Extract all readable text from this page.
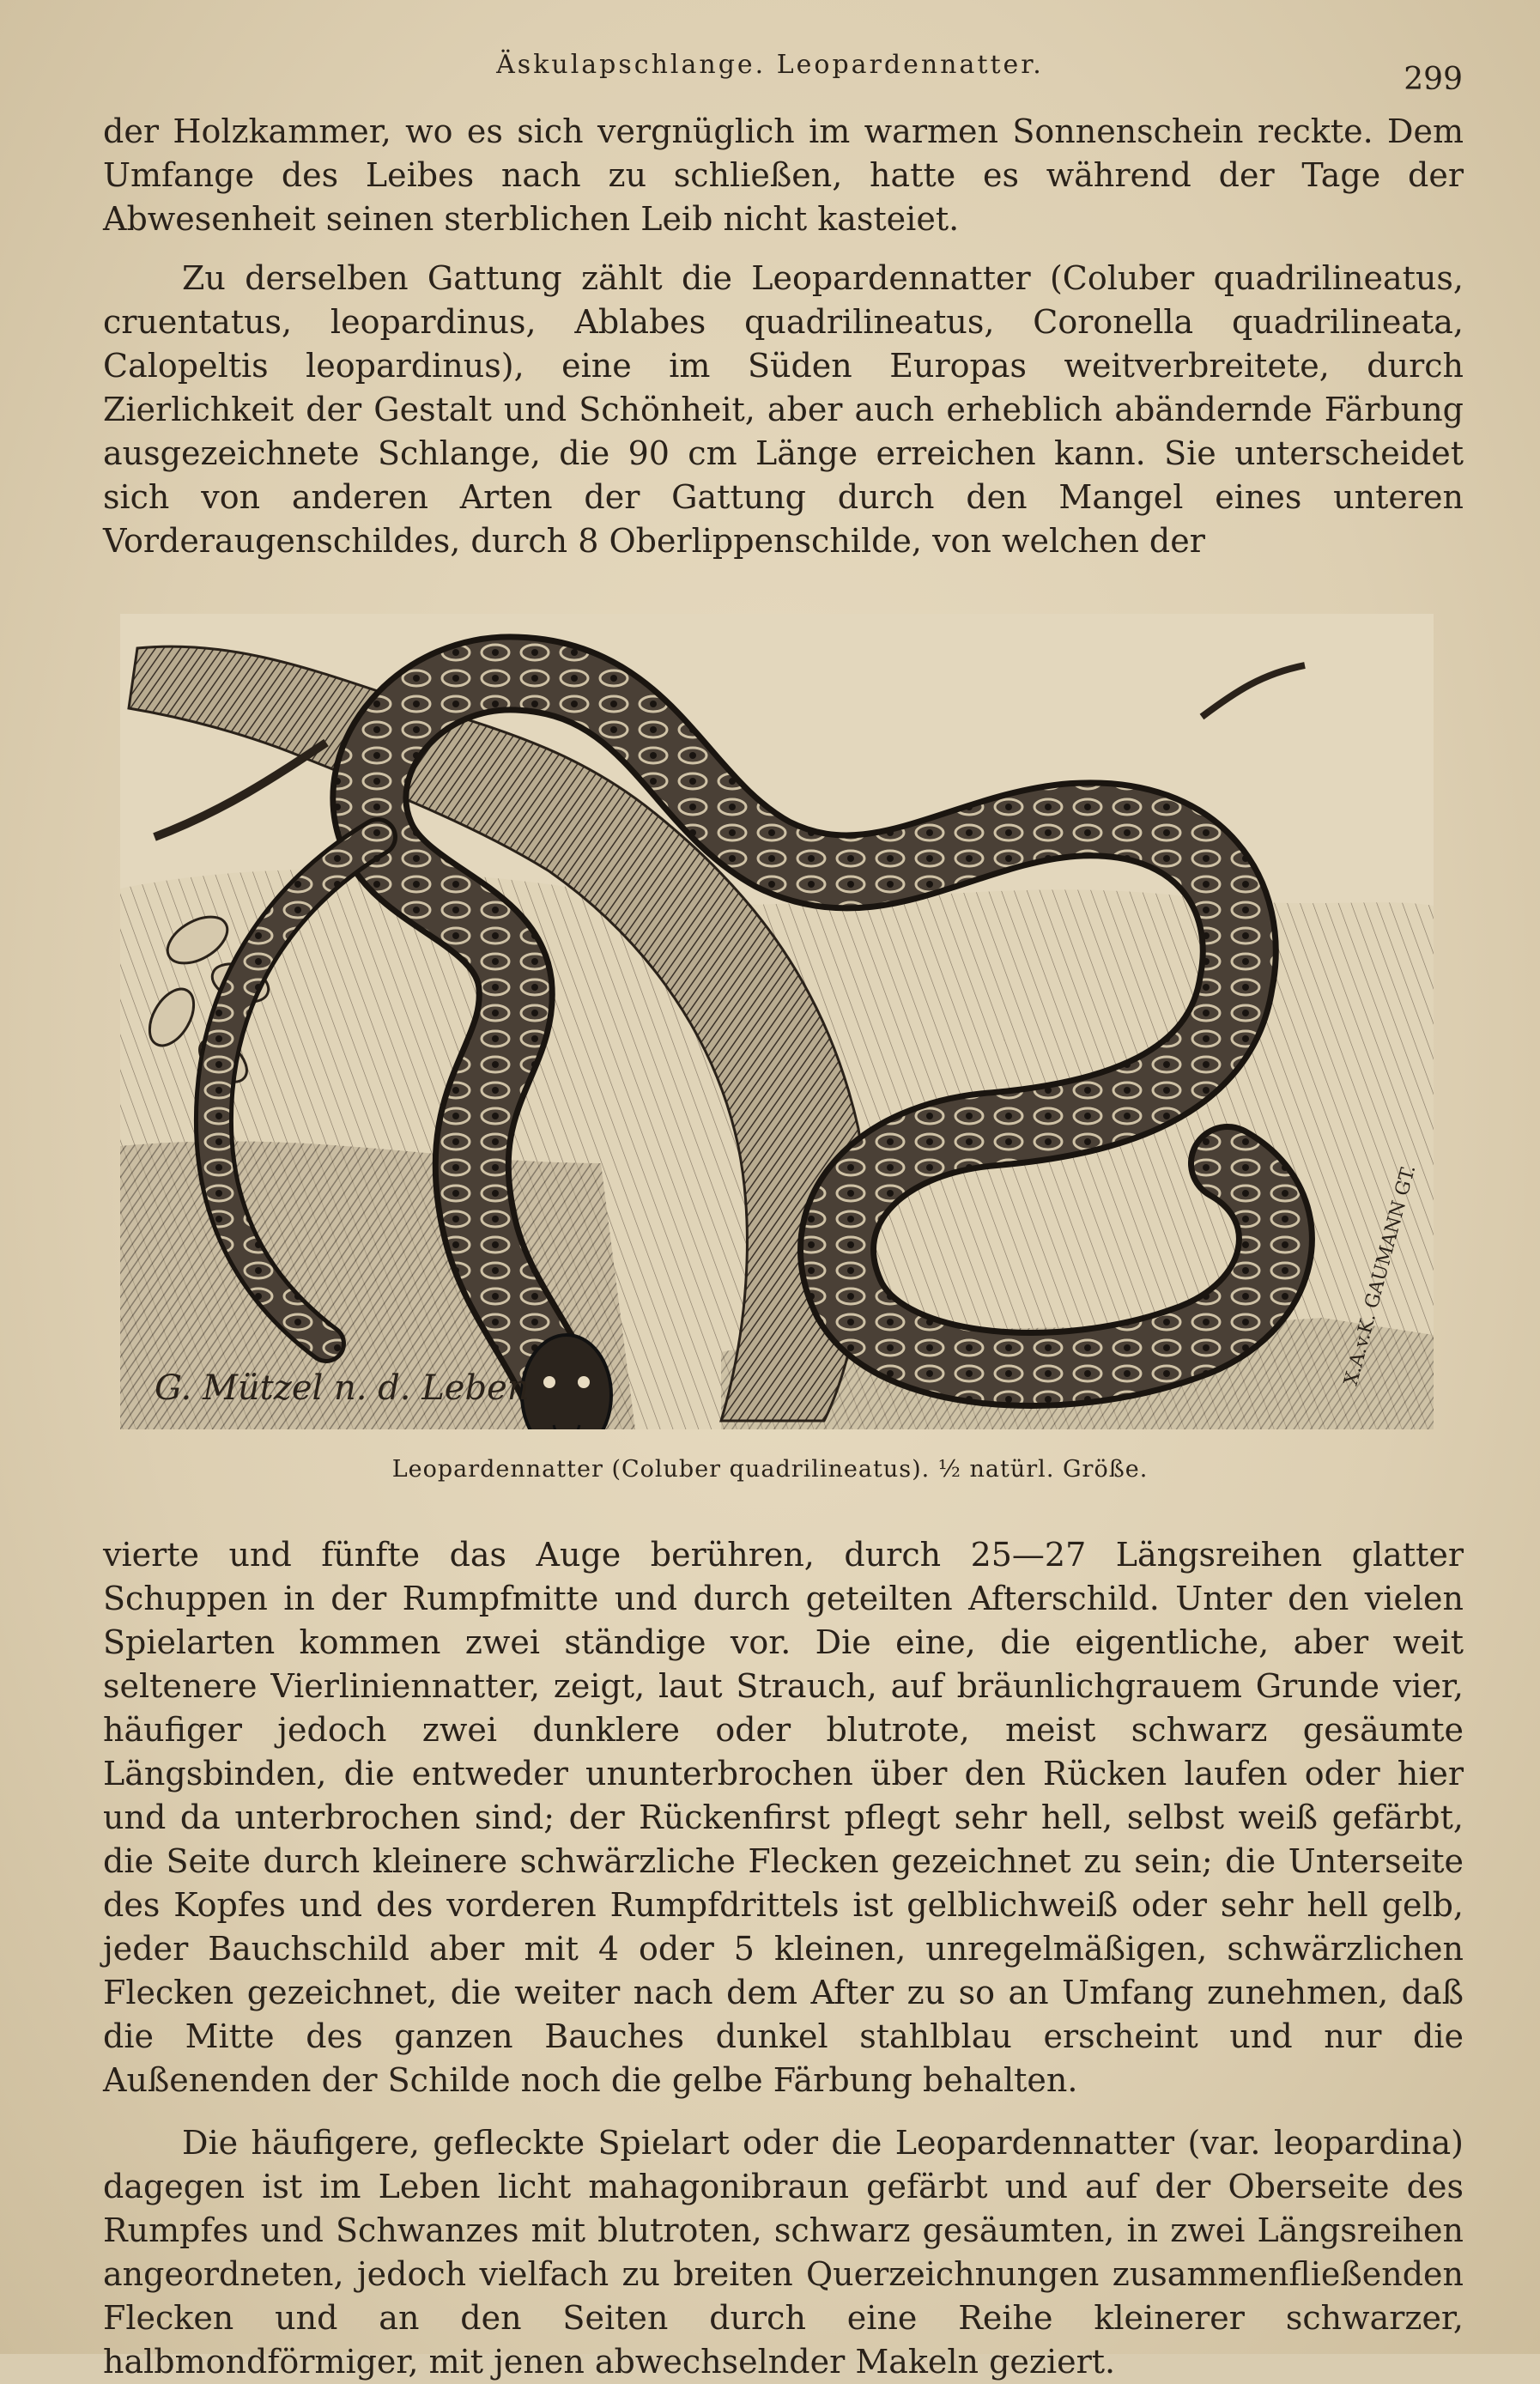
Äskulapschlange. Leopardennatter.	299

der Holzkammer, wo es sich vergnüglich im warmen Sonnenschein reckte. Dem Umfange des Leibes nach zu schließen, hatte es während der Tage der Abwesenheit seinen sterblichen Leib nicht kasteiet.

Zu derselben Gattung zählt die Leopardennatter (Coluber quadrilineatus, cruentatus, leopardinus, Ablabes quadrilineatus, Coronella quadrilineata, Calopeltis leopardinus), eine im Süden Europas weitverbreitete, durch Zierlichkeit der Gestalt und Schönheit, aber auch erheblich abändernde Färbung ausgezeichnete Schlange, die 90 cm Länge erreichen kann. Sie unterscheidet sich von anderen Arten der Gattung durch den Mangel eines unteren Vorderaugenschildes, durch 8 Oberlippenschilde, von welchen der

G. Mützel n. d. Leben
X.A.v.K. GAUMANN GT.
Leopardennatter (Coluber quadrilineatus). ½ natürl. Größe.

vierte und fünfte das Auge berühren, durch 25—27 Längsreihen glatter Schuppen in der Rumpfmitte und durch geteilten Afterschild. Unter den vielen Spielarten kommen zwei ständige vor. Die eine, die eigentliche, aber weit seltenere Vierliniennatter, zeigt, laut Strauch, auf bräunlichgrauem Grunde vier, häufiger jedoch zwei dunklere oder blutrote, meist schwarz gesäumte Längsbinden, die entweder ununterbrochen über den Rücken laufen oder hier und da unterbrochen sind; der Rückenfirst pflegt sehr hell, selbst weiß gefärbt, die Seite durch kleinere schwärzliche Flecken gezeichnet zu sein; die Unterseite des Kopfes und des vorderen Rumpfdrittels ist gelblichweiß oder sehr hell gelb, jeder Bauchschild aber mit 4 oder 5 kleinen, unregelmäßigen, schwärzlichen Flecken gezeichnet, die weiter nach dem After zu so an Umfang zunehmen, daß die Mitte des ganzen Bauches dunkel stahlblau erscheint und nur die Außenenden der Schilde noch die gelbe Färbung behalten.

Die häufigere, gefleckte Spielart oder die Leopardennatter (var. leopardina) dagegen ist im Leben licht mahagonibraun gefärbt und auf der Oberseite des Rumpfes und Schwanzes mit blutroten, schwarz gesäumten, in zwei Längsreihen angeordneten, jedoch vielfach zu breiten Querzeichnungen zusammenfließenden Flecken und an den Seiten durch eine Reihe kleinerer schwarzer, halbmondförmiger, mit jenen abwechselnder Makeln geziert.
